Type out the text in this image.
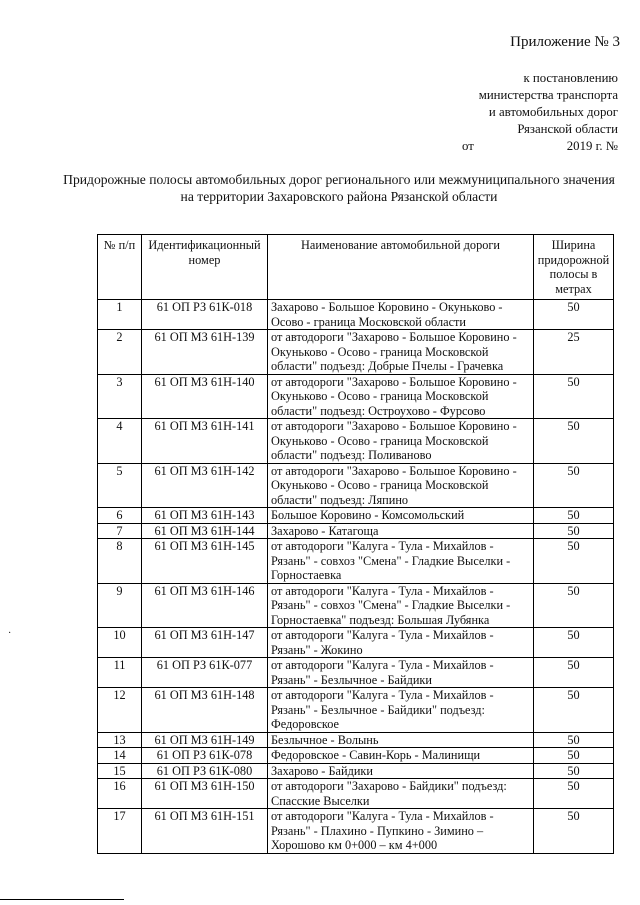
Приложение № 3
к постановлению
министерства транспорта
и автомобильных дорог
Рязанской области
от	2019 г. №
Придорожные полосы автомобильных дорог регионального или межмуниципального значения на территории Захаровского района Рязанской области
№ п/п	Идентификационный номер	Наименование автомобильной дороги	Ширина придорожной полосы в метрах
1	61 ОП РЗ 61К-018	Захарово - Большое Коровино - Окуньково - Осово - граница Московской области	50
2	61 ОП МЗ 61Н-139	от автодороги "Захарово - Большое Коровино - Окуньково - Осово - граница Московской области" подъезд: Добрые Пчелы - Грачевка	25
3	61 ОП МЗ 61Н-140	от автодороги "Захарово - Большое Коровино - Окуньково - Осово - граница Московской области" подъезд: Остроухово - Фурсово	50
4	61 ОП МЗ 61Н-141	от автодороги "Захарово - Большое Коровино - Окуньково - Осово - граница Московской области" подъезд: Поливаново	50
5	61 ОП МЗ 61Н-142	от автодороги "Захарово - Большое Коровино - Окуньково - Осово - граница Московской области" подъезд: Ляпино	50
6	61 ОП МЗ 61Н-143	Большое Коровино - Комсомольский	50
7	61 ОП МЗ 61Н-144	Захарово - Катагоща	50
8	61 ОП МЗ 61Н-145	от автодороги "Калуга - Тула - Михайлов - Рязань" - совхоз "Смена" - Гладкие Выселки - Горностаевка	50
9	61 ОП МЗ 61Н-146	от автодороги "Калуга - Тула - Михайлов - Рязань" - совхоз "Смена" - Гладкие Выселки - Горностаевка" подъезд: Большая Лубянка	50
10	61 ОП МЗ 61Н-147	от автодороги "Калуга - Тула - Михайлов - Рязань" - Жокино	50
11	61 ОП РЗ 61К-077	от автодороги "Калуга - Тула - Михайлов - Рязань" - Безлычное - Байдики	50
12	61 ОП МЗ 61Н-148	от автодороги "Калуга - Тула - Михайлов - Рязань" - Безлычное - Байдики" подъезд: Федоровское	50
13	61 ОП МЗ 61Н-149	Безлычное - Волынь	50
14	61 ОП РЗ 61К-078	Федоровское - Савин-Корь - Малинищи	50
15	61 ОП РЗ 61К-080	Захарово - Байдики	50
16	61 ОП МЗ 61Н-150	от автодороги "Захарово - Байдики" подъезд: Спасские Выселки	50
17	61 ОП МЗ 61Н-151	от автодороги "Калуга - Тула - Михайлов - Рязань" - Плахино - Пупкино - Зимино – Хорошово км 0+000 – км 4+000	50
·
